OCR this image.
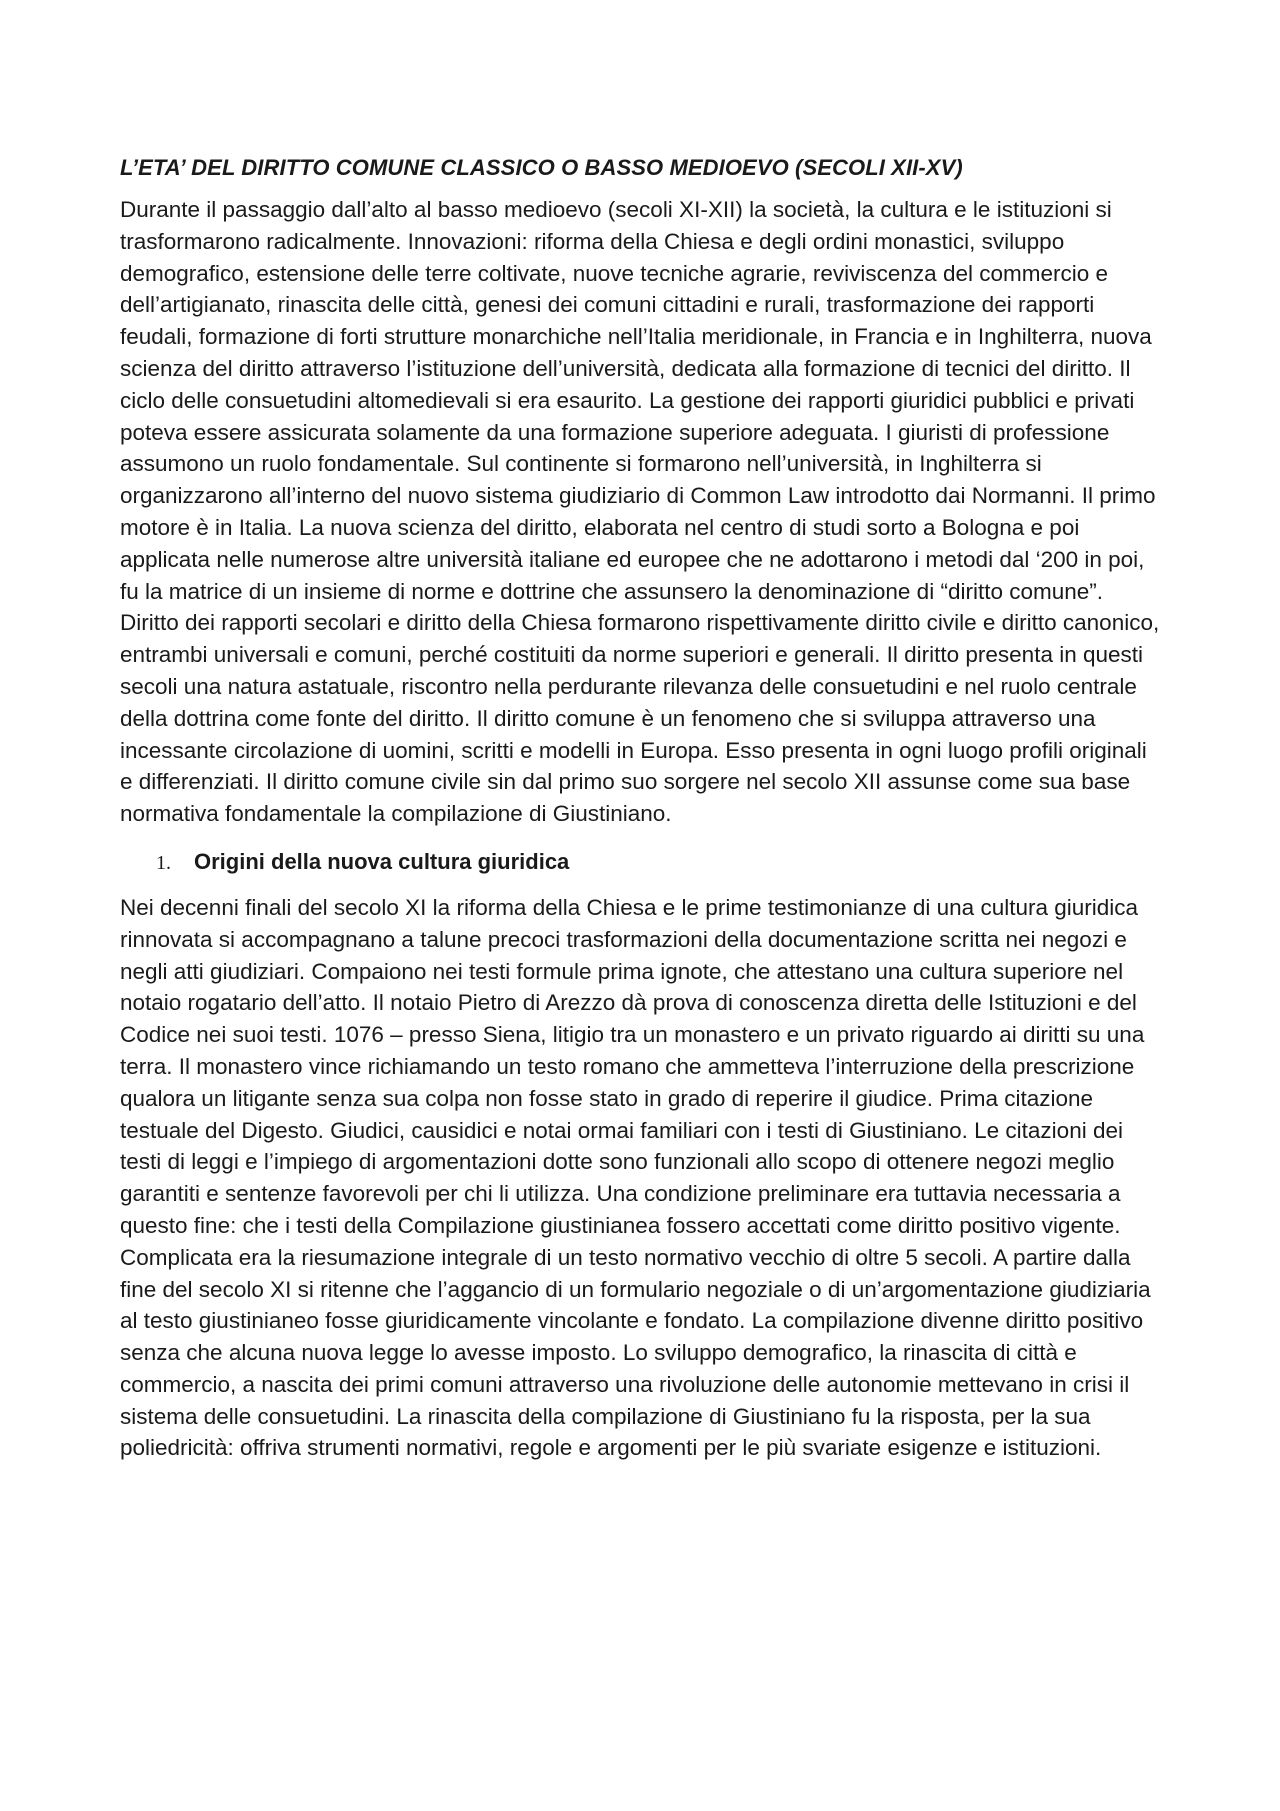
L’ETA’ DEL DIRITTO COMUNE CLASSICO O BASSO MEDIOEVO (SECOLI XII-XV)

Durante il passaggio dall’alto al basso medioevo (secoli XI-XII) la società, la cultura e le istituzioni si trasformarono radicalmente. Innovazioni: riforma della Chiesa e degli ordini monastici, sviluppo demografico, estensione delle terre coltivate, nuove tecniche agrarie, reviviscenza del commercio e dell’artigianato, rinascita delle città, genesi dei comuni cittadini e rurali, trasformazione dei rapporti feudali, formazione di forti strutture monarchiche nell’Italia meridionale, in Francia e in Inghilterra, nuova scienza del diritto attraverso l’istituzione dell’università, dedicata alla formazione di tecnici del diritto. Il ciclo delle consuetudini altomedievali si era esaurito. La gestione dei rapporti giuridici pubblici e privati poteva essere assicurata solamente da una formazione superiore adeguata. I giuristi di professione assumono un ruolo fondamentale. Sul continente si formarono nell’università, in Inghilterra si organizzarono all’interno del nuovo sistema giudiziario di Common Law introdotto dai Normanni. Il primo motore è in Italia. La nuova scienza del diritto, elaborata nel centro di studi sorto a Bologna e poi applicata nelle numerose altre università italiane ed europee che ne adottarono i metodi dal ‘200 in poi, fu la matrice di un insieme di norme e dottrine che assunsero la denominazione di “diritto comune”. Diritto dei rapporti secolari e diritto della Chiesa formarono rispettivamente diritto civile e diritto canonico, entrambi universali e comuni, perché costituiti da norme superiori e generali. Il diritto presenta in questi secoli una natura astatuale, riscontro nella perdurante rilevanza delle consuetudini e nel ruolo centrale della dottrina come fonte del diritto. Il diritto comune è un fenomeno che si sviluppa attraverso una incessante circolazione di uomini, scritti e modelli in Europa. Esso presenta in ogni luogo profili originali e differenziati. Il diritto comune civile sin dal primo suo sorgere nel secolo XII assunse come sua base normativa fondamentale la compilazione di Giustiniano.

1.	Origini della nuova cultura giuridica

Nei decenni finali del secolo XI la riforma della Chiesa e le prime testimonianze di una cultura giuridica rinnovata si accompagnano a talune precoci trasformazioni della documentazione scritta nei negozi e negli atti giudiziari. Compaiono nei testi formule prima ignote, che attestano una cultura superiore nel notaio rogatario dell’atto. Il notaio Pietro di Arezzo dà prova di conoscenza diretta delle Istituzioni e del Codice nei suoi testi. 1076 – presso Siena, litigio tra un monastero e un privato riguardo ai diritti su una terra. Il monastero vince richiamando un testo romano che ammetteva l’interruzione della prescrizione qualora un litigante senza sua colpa non fosse stato in grado di reperire il giudice. Prima citazione testuale del Digesto. Giudici, causidici e notai ormai familiari con i testi di Giustiniano. Le citazioni dei testi di leggi e l’impiego di argomentazioni dotte sono funzionali allo scopo di ottenere negozi meglio garantiti e sentenze favorevoli per chi li utilizza. Una condizione preliminare era tuttavia necessaria a questo fine: che i testi della Compilazione giustinianea fossero accettati come diritto positivo vigente. Complicata era la riesumazione integrale di un testo normativo vecchio di oltre 5 secoli. A partire dalla fine del secolo XI si ritenne che l’aggancio di un formulario negoziale o di un’argomentazione giudiziaria al testo giustinianeo fosse giuridicamente vincolante e fondato. La compilazione divenne diritto positivo senza che alcuna nuova legge lo avesse imposto. Lo sviluppo demografico, la rinascita di città e commercio, a nascita dei primi comuni attraverso una rivoluzione delle autonomie mettevano in crisi il sistema delle consuetudini. La rinascita della compilazione di Giustiniano fu la risposta, per la sua poliedricità: offriva strumenti normativi, regole e argomenti per le più svariate esigenze e istituzioni.
